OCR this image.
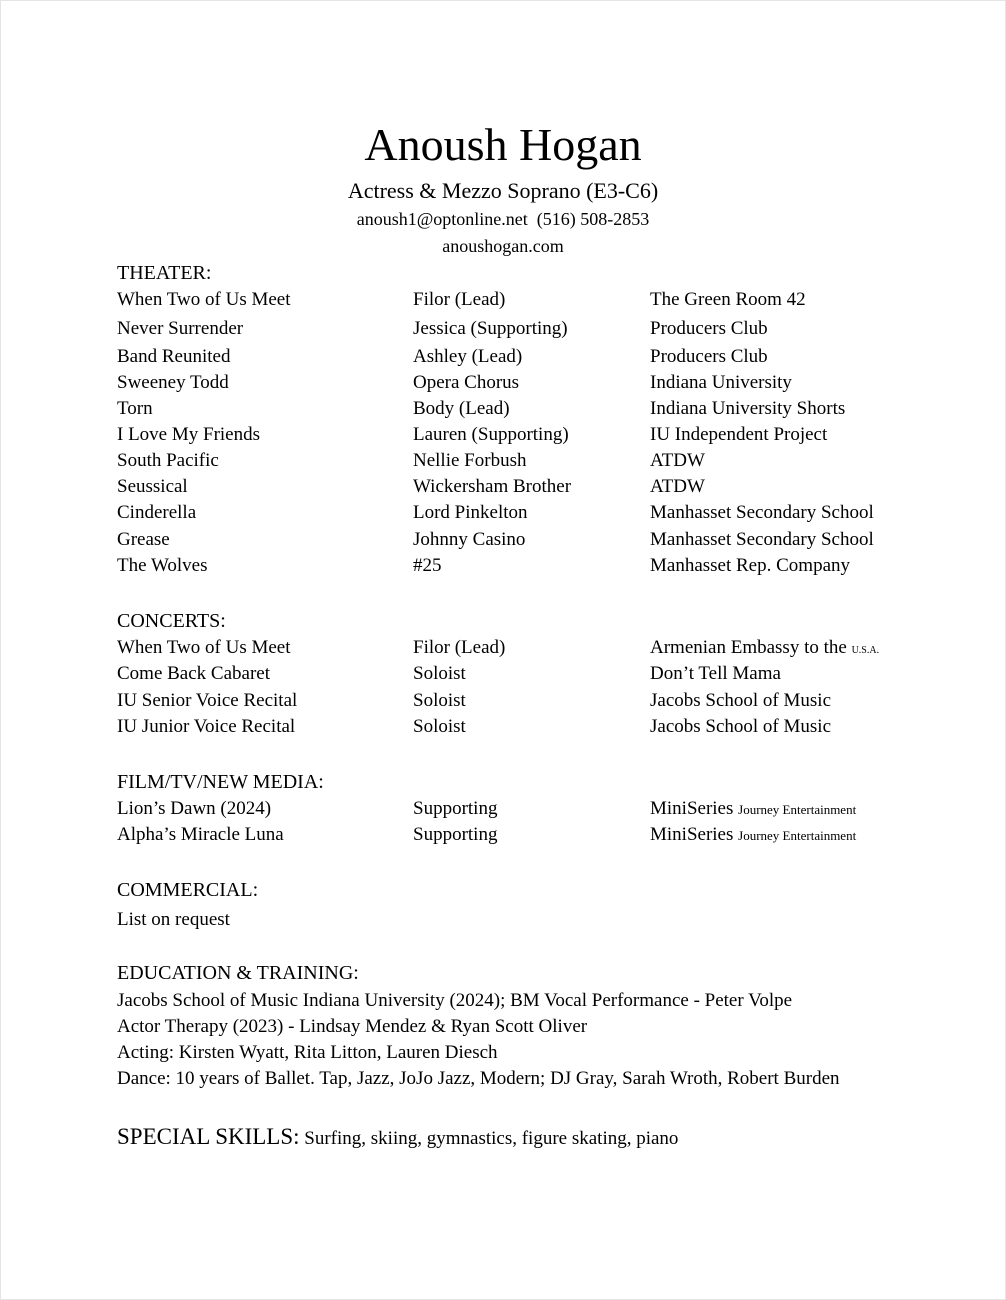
Anoush Hogan
Actress & Mezzo Soprano (E3-C6)
anoush1@optonline.net (516) 508-2853
anoushogan.com
THEATER:
When Two of Us Meet	Filor (Lead)	The Green Room 42
Never Surrender	Jessica (Supporting)	Producers Club
Band Reunited	Ashley (Lead)	Producers Club
Sweeney Todd	Opera Chorus	Indiana University
Torn	Body (Lead)	Indiana University Shorts
I Love My Friends	Lauren (Supporting)	IU Independent Project
South Pacific	Nellie Forbush	ATDW
Seussical	Wickersham Brother	ATDW
Cinderella	Lord Pinkelton	Manhasset Secondary School
Grease	Johnny Casino	Manhasset Secondary School
The Wolves	#25	Manhasset Rep. Company
CONCERTS:
When Two of Us Meet	Filor (Lead)	Armenian Embassy to the U.S.A.
Come Back Cabaret	Soloist	Don’t Tell Mama
IU Senior Voice Recital	Soloist	Jacobs School of Music
IU Junior Voice Recital	Soloist	Jacobs School of Music
FILM/TV/NEW MEDIA:
Lion’s Dawn (2024)	Supporting	MiniSeries Journey Entertainment
Alpha’s Miracle Luna	Supporting	MiniSeries Journey Entertainment
COMMERCIAL:
List on request
EDUCATION & TRAINING:
Jacobs School of Music Indiana University (2024); BM Vocal Performance - Peter Volpe
Actor Therapy (2023) - Lindsay Mendez & Ryan Scott Oliver
Acting: Kirsten Wyatt, Rita Litton, Lauren Diesch
Dance: 10 years of Ballet. Tap, Jazz, JoJo Jazz, Modern; DJ Gray, Sarah Wroth, Robert Burden
SPECIAL SKILLS: Surfing, skiing, gymnastics, figure skating, piano
